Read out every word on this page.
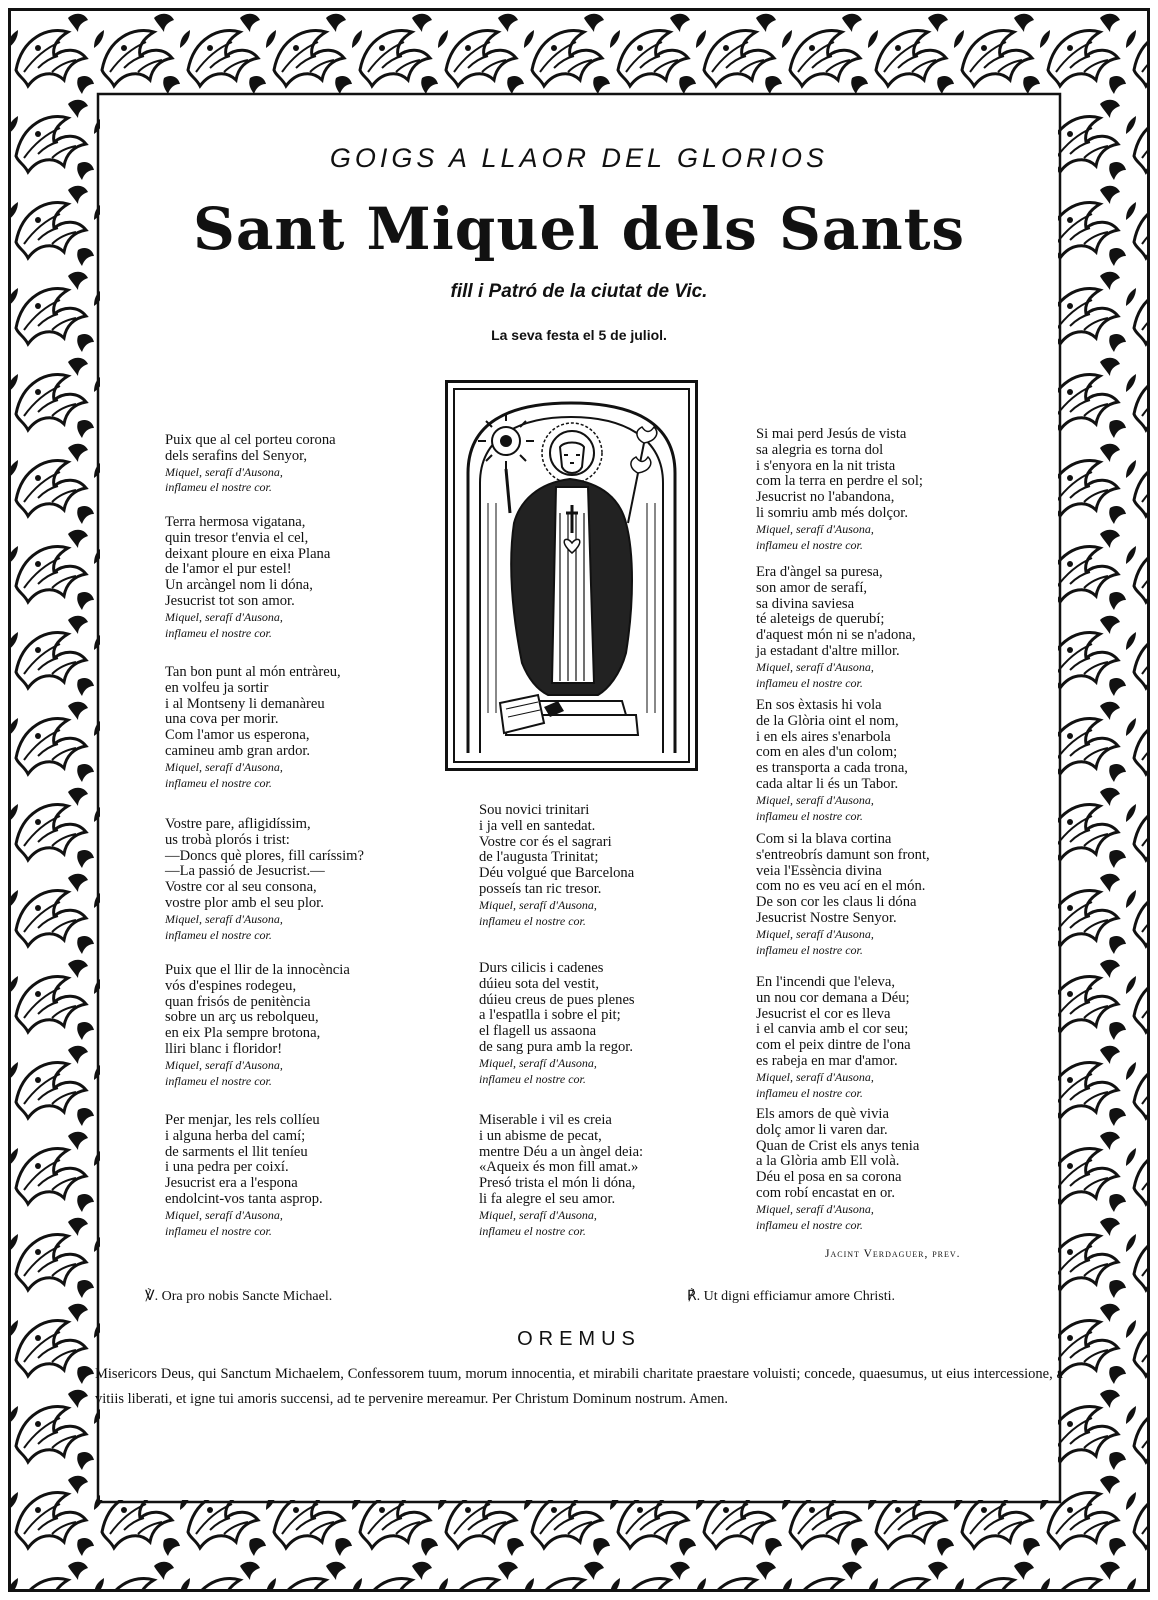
GOIGS A LLAOR DEL GLORIOS
Sant Miquel dels Sants
fill i Patró de la ciutat de Vic.
La seva festa el 5 de juliol.
Jacint Verdaguer, prev.
℣. Ora pro nobis Sancte Michael.	℟. Ut digni efficiamur amore Christi.
OREMUS
Misericors Deus, qui Sanctum Michaelem, Confessorem tuum, morum innocentia, et mirabili charitate praestare voluisti; concede, quaesumus, ut eius intercessione, a vitiis liberati, et igne tui amoris succensi, ad te pervenire mereamur. Per Christum Dominum nostrum. Amen.
Puix que al cel porteu corona
dels serafins del Senyor,
Miquel, serafí d'Ausona,
inflameu el nostre cor.
Terra hermosa vigatana,
quin tresor t'envia el cel,
deixant ploure en eixa Plana
de l'amor el pur estel!
Un arcàngel nom li dóna,
Jesucrist tot son amor.
Miquel, serafí d'Ausona,
inflameu el nostre cor.
Tan bon punt al món entràreu,
en volfeu ja sortir
i al Montseny li demanàreu
una cova per morir.
Com l'amor us esperona,
camineu amb gran ardor.
Miquel, serafí d'Ausona,
inflameu el nostre cor.
Vostre pare, afligidíssim,
us trobà plorós i trist:
—Doncs què plores, fill caríssim?
—La passió de Jesucrist.—
Vostre cor al seu consona,
vostre plor amb el seu plor.
Miquel, serafí d'Ausona,
inflameu el nostre cor.
Puix que el llir de la innocència
vós d'espines rodegeu,
quan frisós de penitència
sobre un arç us rebolqueu,
en eix Pla sempre brotona,
lliri blanc i floridor!
Miquel, serafí d'Ausona,
inflameu el nostre cor.
Per menjar, les rels collíeu
i alguna herba del camí;
de sarments el llit teníeu
i una pedra per coixí.
Jesucrist era a l'espona
endolcint-vos tanta asprор.
Miquel, serafí d'Ausona,
inflameu el nostre cor.
Sou novici trinitari
i ja vell en santedat.
Vostre cor és el sagrari
de l'augusta Trinitat;
Déu volgué que Barcelona
posseís tan ric tresor.
Miquel, serafí d'Ausona,
inflameu el nostre cor.
Durs cilicis i cadenes
dúieu sota del vestit,
dúieu creus de pues plenes
a l'espatlla i sobre el pit;
el flagell us assaona
de sang pura amb la regor.
Miquel, serafí d'Ausona,
inflameu el nostre cor.
Miserable i vil es creia
i un abisme de pecat,
mentre Déu a un àngel deia:
«Aqueix és mon fill amat.»
Presó trista el món li dóna,
li fa alegre el seu amor.
Miquel, serafí d'Ausona,
inflameu el nostre cor.
Si mai perd Jesús de vista
sa alegria es torna dol
i s'enyora en la nit trista
com la terra en perdre el sol;
Jesucrist no l'abandona,
li somriu amb més dolçor.
Miquel, serafí d'Ausona,
inflameu el nostre cor.
Era d'àngel sa puresa,
son amor de serafí,
sa divina saviesa
té aleteigs de querubí;
d'aquest món ni se n'adona,
ja estadant d'altre millor.
Miquel, serafí d'Ausona,
inflameu el nostre cor.
En sos èxtasis hi vola
de la Glòria oint el nom,
i en els aires s'enarbola
com en ales d'un colom;
es transporta a cada trona,
cada altar li és un Tabor.
Miquel, serafí d'Ausona,
inflameu el nostre cor.
Com si la blava cortina
s'entreobrís damunt son front,
veia l'Essència divina
com no es veu ací en el món.
De son cor les claus li dóna
Jesucrist Nostre Senyor.
Miquel, serafí d'Ausona,
inflameu el nostre cor.
En l'incendi que l'eleva,
un nou cor demana a Déu;
Jesucrist el cor es lleva
i el canvia amb el cor seu;
com el peix dintre de l'ona
es rabeja en mar d'amor.
Miquel, serafí d'Ausona,
inflameu el nostre cor.
Els amors de què vivia
dolç amor li varen dar.
Quan de Crist els anys tenia
a la Glòria amb Ell volà.
Déu el posa en sa corona
com robí encastat en or.
Miquel, serafí d'Ausona,
inflameu el nostre cor.
